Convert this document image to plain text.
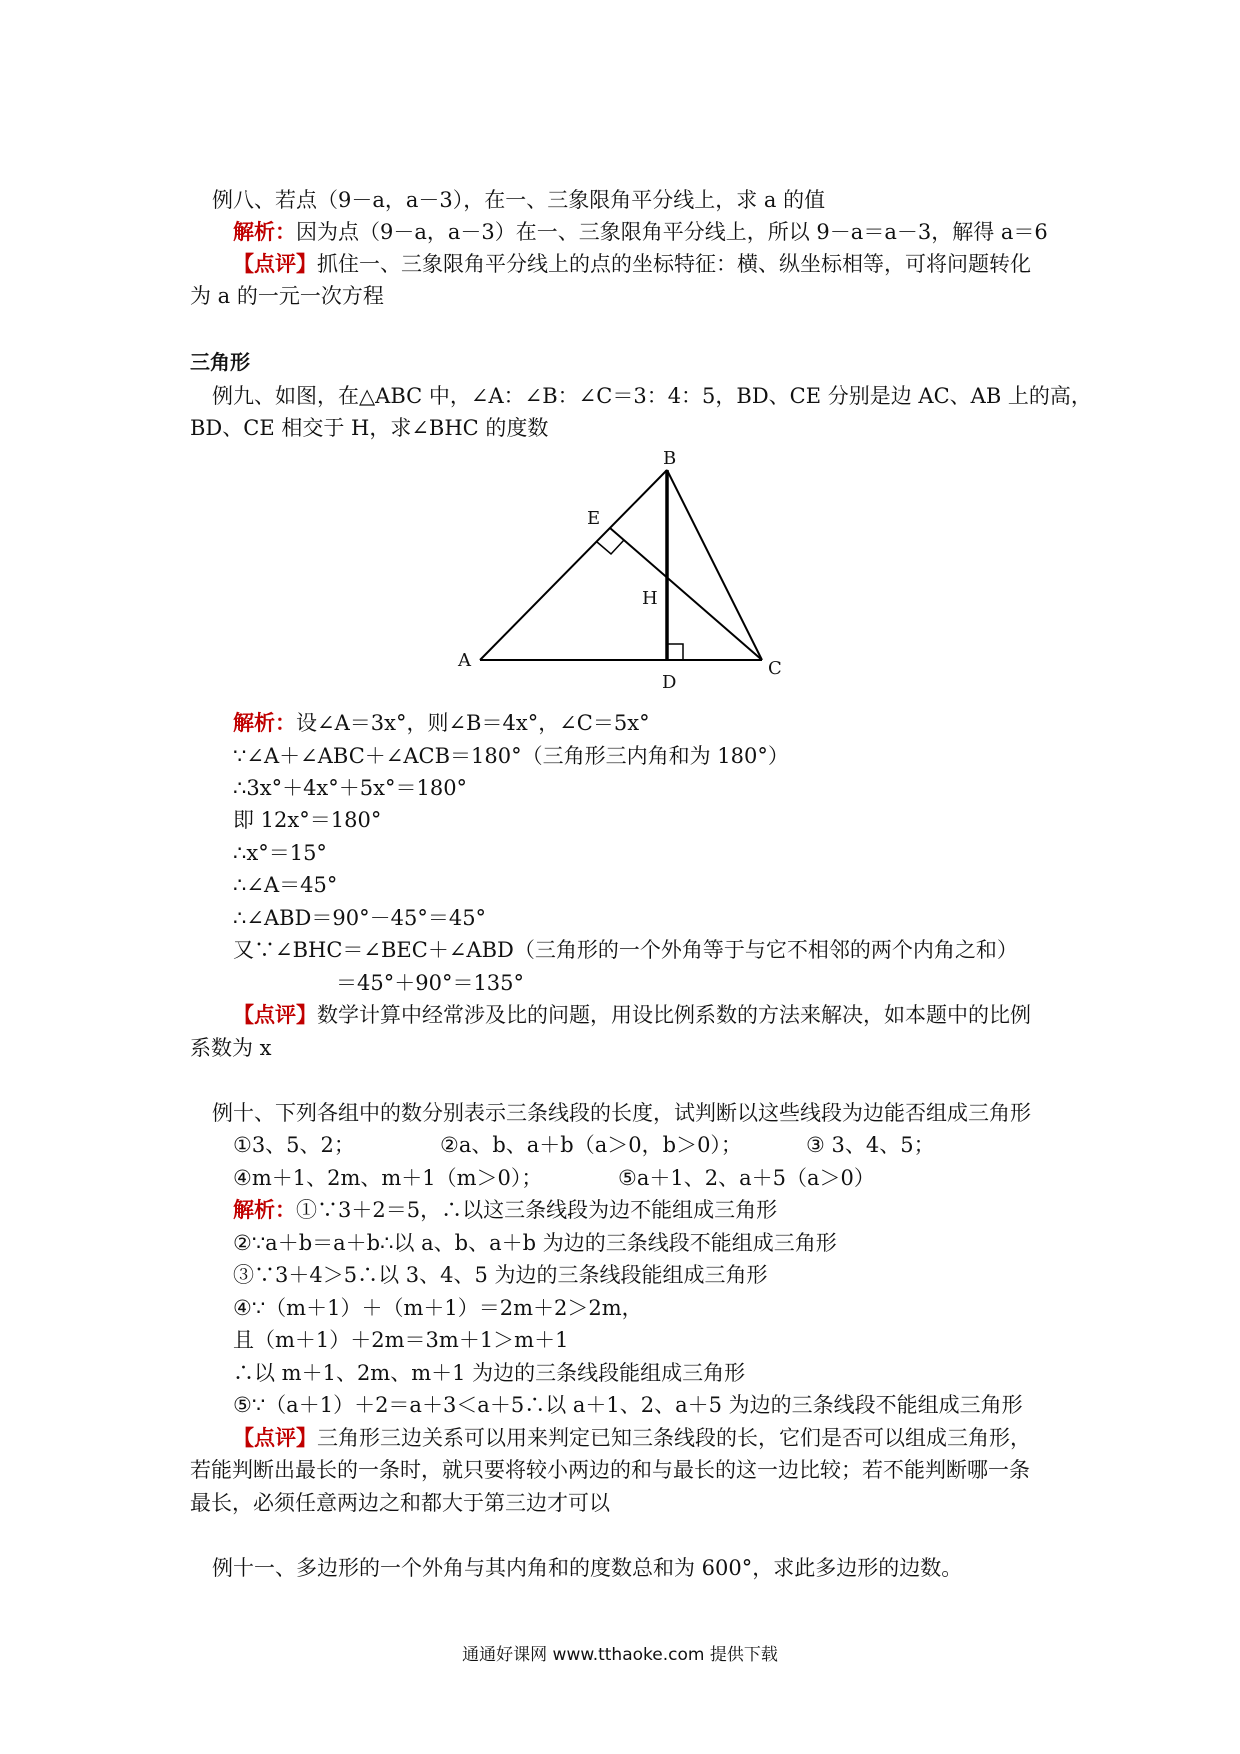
例八、若点（9－a，a－3），在一、三象限角平分线上，求 a 的值

解析：因为点（9－a，a－3）在一、三象限角平分线上，所以 9－a＝a－3，解得 a＝6

【点评】抓住一、三象限角平分线上的点的坐标特征：横、纵坐标相等，可将问题转化

为 a 的一元一次方程

三角形

例九、如图，在△ABC 中，∠A：∠B：∠C＝3：4：5，BD、CE 分别是边 AC、AB 上的高，

BD、CE 相交于 H，求∠BHC 的度数

B
E
H
A	C
D

解析：设∠A＝3x°，则∠B＝4x°，∠C＝5x°

∵∠A＋∠ABC＋∠ACB＝180°（三角形三内角和为 180°）

∴3x°＋4x°＋5x°＝180°

即 12x°＝180°

∴x°＝15°

∴∠A＝45°

∴∠ABD＝90°－45°＝45°

又∵∠BHC＝∠BEC＋∠ABD（三角形的一个外角等于与它不相邻的两个内角之和）

＝45°＋90°＝135°

【点评】数学计算中经常涉及比的问题，用设比例系数的方法来解决，如本题中的比例

系数为 x

例十、下列各组中的数分别表示三条线段的长度，试判断以这些线段为边能否组成三角形

①3、5、2；	②a、b、a＋b（a＞0，b＞0）；	③ 3、4、5；

④m＋1、2m、m＋1（m＞0）；	⑤a＋1、2、a＋5（a＞0）

解析：①∵3＋2＝5，∴以这三条线段为边不能组成三角形

②∵a＋b＝a＋b∴以 a、b、a＋b 为边的三条线段不能组成三角形

③∵3＋4＞5∴以 3、4、5 为边的三条线段能组成三角形

④∵（m＋1）＋（m＋1）＝2m＋2＞2m，

且（m＋1）＋2m＝3m＋1＞m＋1

∴以 m＋1、2m、m＋1 为边的三条线段能组成三角形

⑤∵（a＋1）＋2＝a＋3＜a＋5∴以 a＋1、2、a＋5 为边的三条线段不能组成三角形

【点评】三角形三边关系可以用来判定已知三条线段的长，它们是否可以组成三角形，

若能判断出最长的一条时，就只要将较小两边的和与最长的这一边比较；若不能判断哪一条

最长，必须任意两边之和都大于第三边才可以

例十一、多边形的一个外角与其内角和的度数总和为 600°，求此多边形的边数。

通通好课网 www.tthaoke.com 提供下载
